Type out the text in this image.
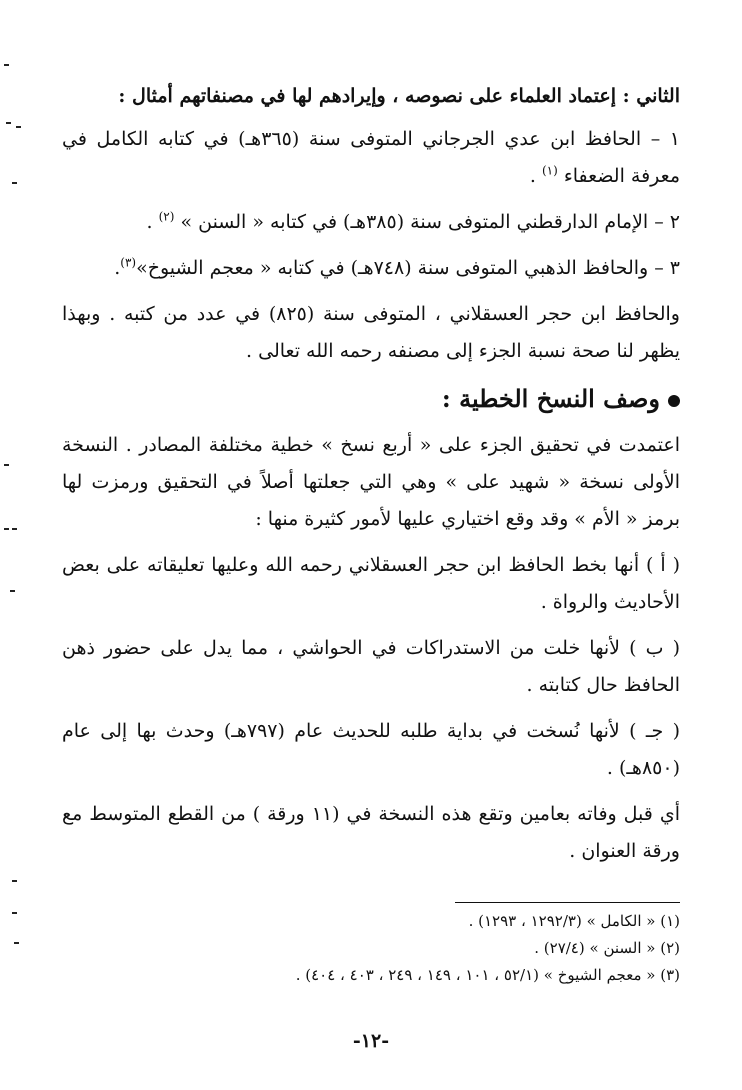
الثاني : إعتماد العلماء على نصوصه ، وإيرادهم لها في مصنفاتهم أمثال :

١ – الحافظ ابن عدي الجرجاني المتوفى سنة (٣٦٥هـ) في كتابه الكامل في معرفة الضعفاء $^{(١)}$ .

٢ – الإمام الدارقطني المتوفى سنة (٣٨٥هـ) في كتابه « السنن » $^{(٢)}$ .

٣ – والحافظ الذهبي المتوفى سنة (٧٤٨هـ) في كتابه « معجم الشيوخ»$^{(٣)}$.

والحافظ ابن حجر العسقلاني ، المتوفى سنة (٨٢٥) في عدد من كتبه . وبهذا يظهر لنا صحة نسبة الجزء إلى مصنفه رحمه الله تعالى .

وصف النسخ الخطية :

اعتمدت في تحقيق الجزء على « أربع نسخ » خطية مختلفة المصادر . النسخة الأولى نسخة « شهيد على » وهي التي جعلتها أصلاً في التحقيق ورمزت لها برمز « الأم » وقد وقع اختياري عليها لأمور كثيرة منها :

( أ ) أنها بخط الحافظ ابن حجر العسقلاني رحمه الله وعليها تعليقاته على بعض الأحاديث والرواة .

( ب ) لأنها خلت من الاستدراكات في الحواشي ، مما يدل على حضور ذهن الحافظ حال كتابته .

( جـ ) لأنها نُسخت في بداية طلبه للحديث عام (٧٩٧هـ) وحدث بها إلى عام (٨٥٠هـ) .

أي قبل وفاته بعامين وتقع هذه النسخة في (١١ ورقة ) من القطع المتوسط مع ورقة العنوان .

(١) « الكامل » (١٢٩٢/٣ ، ١٢٩٣) .

(٢) « السنن » (٢٧/٤) .

(٣) « معجم الشيوخ » (٥٢/١ ، ١٠١ ، ١٤٩ ، ٢٤٩ ، ٤٠٣ ، ٤٠٤) .

-١٢-
